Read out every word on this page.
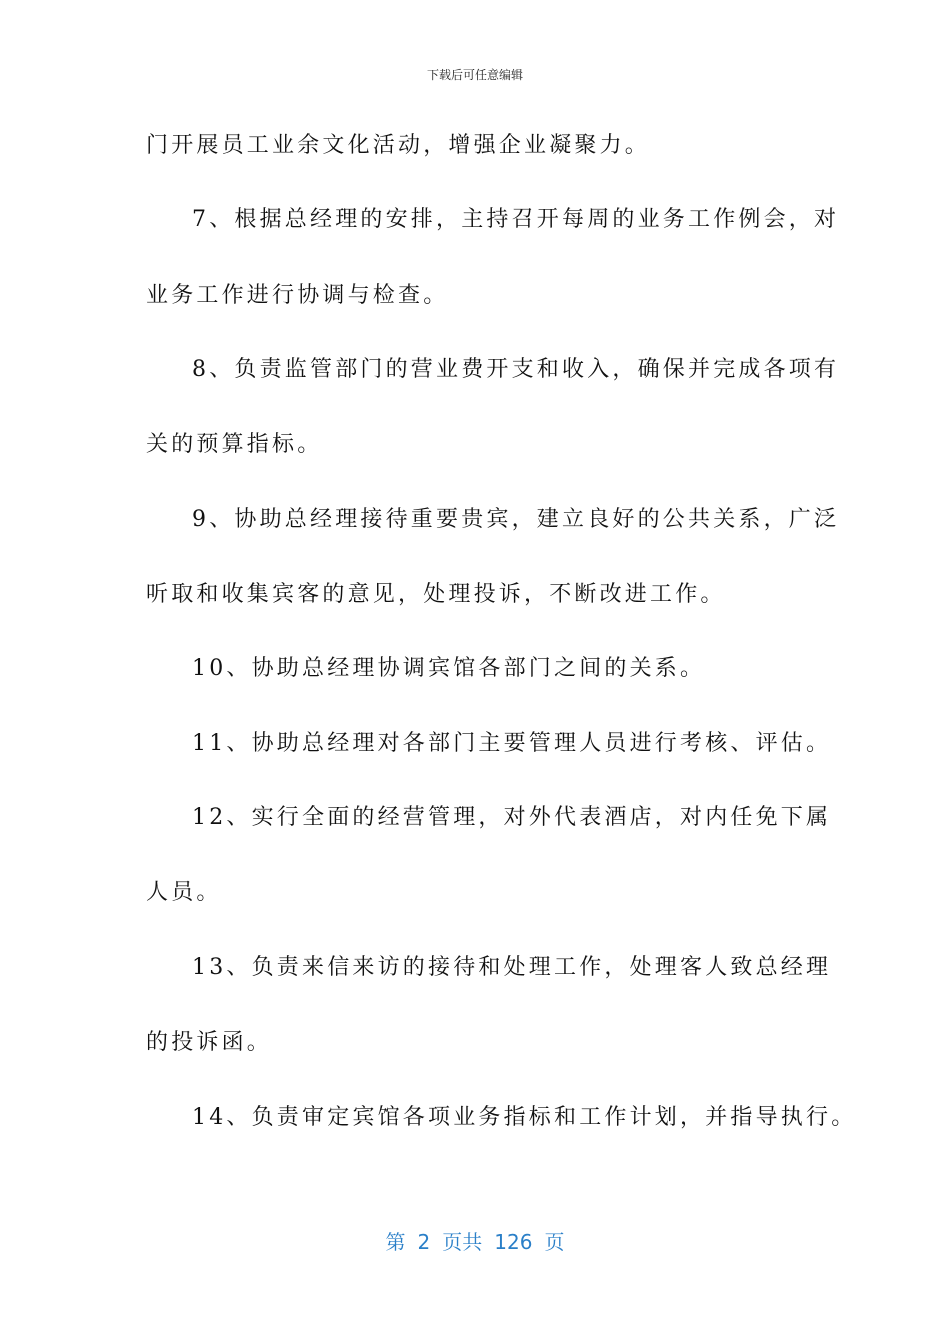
下载后可任意编辑
门开展员工业余文化活动，增强企业凝聚力。
7、根据总经理的安排，主持召开每周的业务工作例会，对
业务工作进行协调与检查。
8、负责监管部门的营业费开支和收入，确保并完成各项有
关的预算指标。
9、协助总经理接待重要贵宾，建立良好的公共关系，广泛
听取和收集宾客的意见，处理投诉，不断改进工作。
10、协助总经理协调宾馆各部门之间的关系。
11、协助总经理对各部门主要管理人员进行考核、评估。
12、实行全面的经营管理，对外代表酒店，对内任免下属
人员。
13、负责来信来访的接待和处理工作，处理客人致总经理
的投诉函。
14、负责审定宾馆各项业务指标和工作计划，并指导执行。
第 2 页共 126 页
